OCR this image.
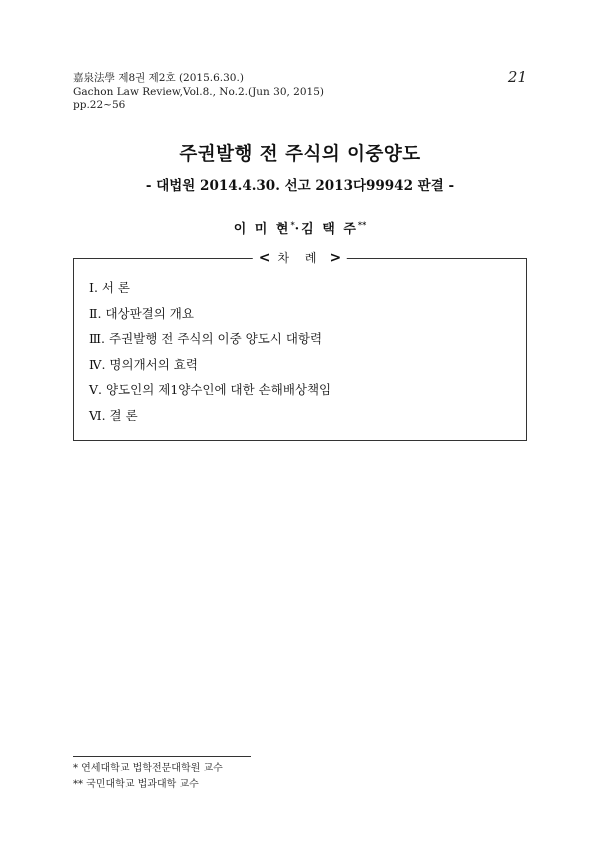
嘉泉法學 제8권 제2호 (2015.6.30.)
Gachon Law Review,Vol.8., No.2.(Jun 30, 2015)
pp.22~56
21
주권발행 전 주식의 이중양도
- 대법원 2014.4.30. 선고 2013다99942 판결 -
이 미 현*·김 택 주**
< 차 례 >
Ⅰ. 서 론
Ⅱ. 대상판결의 개요
Ⅲ. 주권발행 전 주식의 이중 양도시 대항력
Ⅳ. 명의개서의 효력
Ⅴ. 양도인의 제1양수인에 대한 손해배상책임
Ⅵ. 결 론
* 연세대학교 법학전문대학원 교수
** 국민대학교 법과대학 교수
